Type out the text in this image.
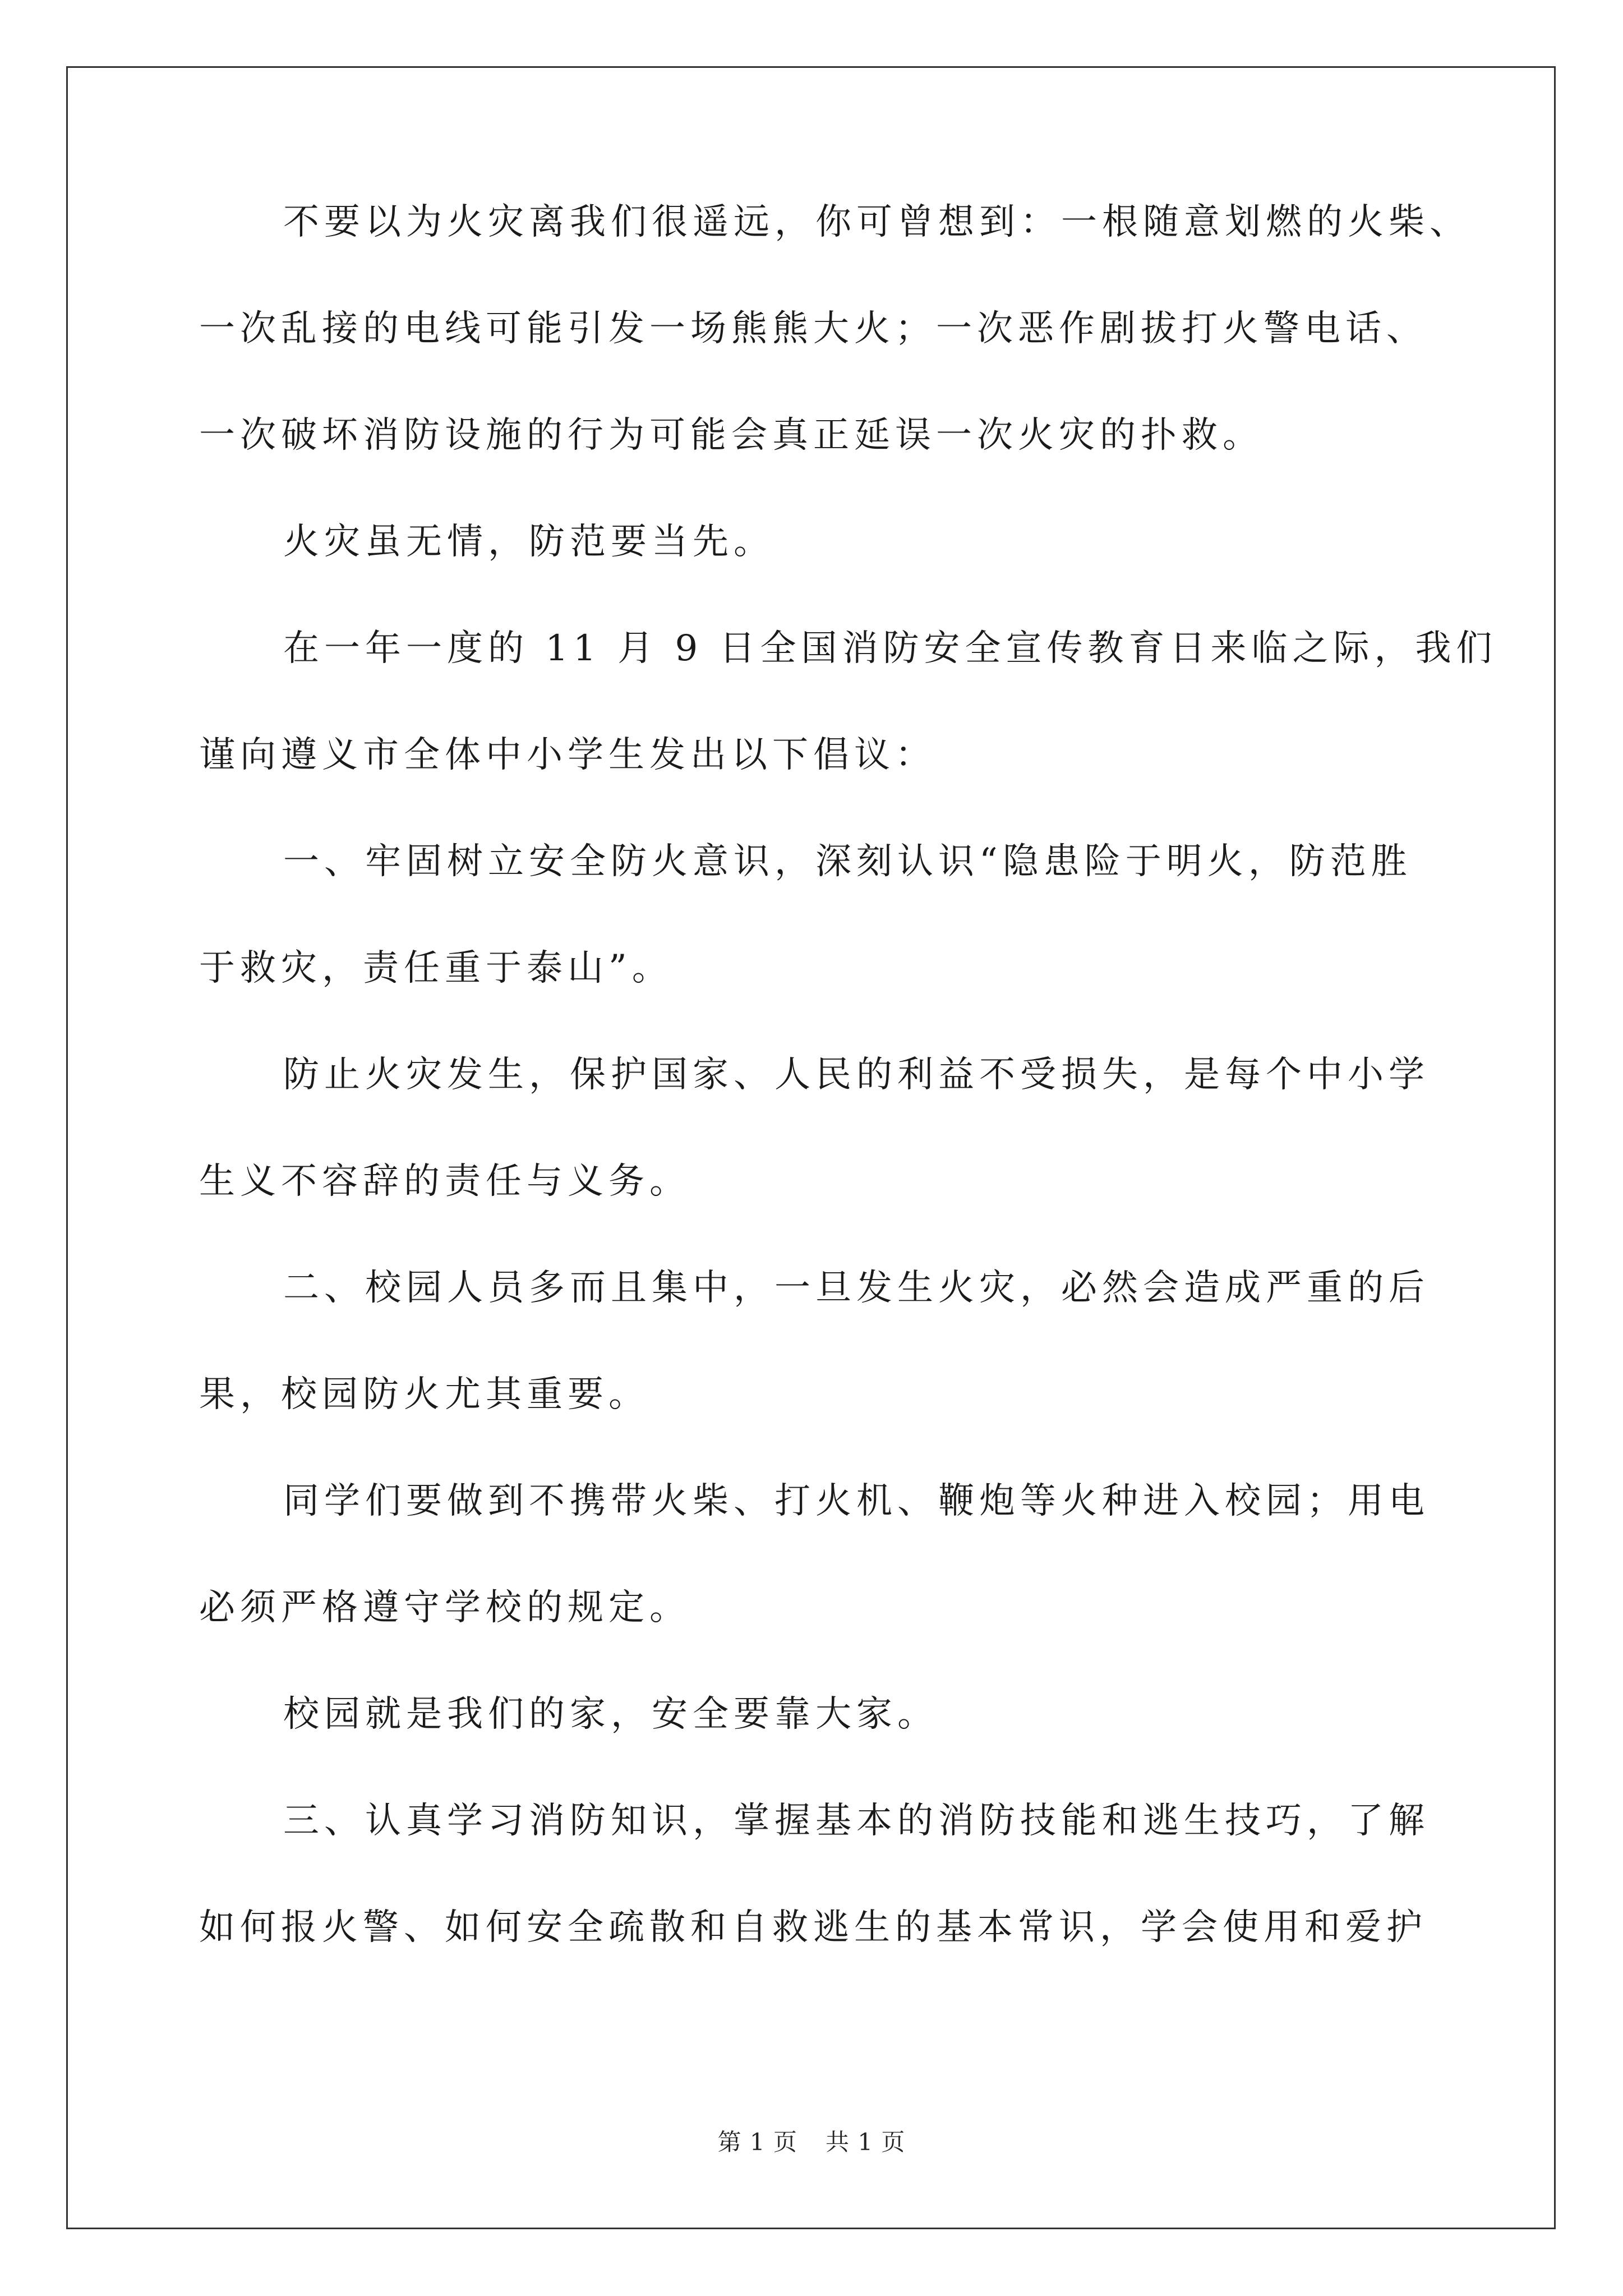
不要以为火灾离我们很遥远，你可曾想到：一根随意划燃的火柴、
一次乱接的电线可能引发一场熊熊大火；一次恶作剧拔打火警电话、
一次破坏消防设施的行为可能会真正延误一次火灾的扑救。
火灾虽无情，防范要当先。
在一年一度的 11 月 9 日全国消防安全宣传教育日来临之际，我们
谨向遵义市全体中小学生发出以下倡议：
一、牢固树立安全防火意识，深刻认识“隐患险于明火，防范胜
于救灾，责任重于泰山”。
防止火灾发生，保护国家、人民的利益不受损失，是每个中小学
生义不容辞的责任与义务。
二、校园人员多而且集中，一旦发生火灾，必然会造成严重的后
果，校园防火尤其重要。
同学们要做到不携带火柴、打火机、鞭炮等火种进入校园；用电
必须严格遵守学校的规定。
校园就是我们的家，安全要靠大家。
三、认真学习消防知识，掌握基本的消防技能和逃生技巧，了解
如何报火警、如何安全疏散和自救逃生的基本常识，学会使用和爱护
第 1 页 共 1 页
